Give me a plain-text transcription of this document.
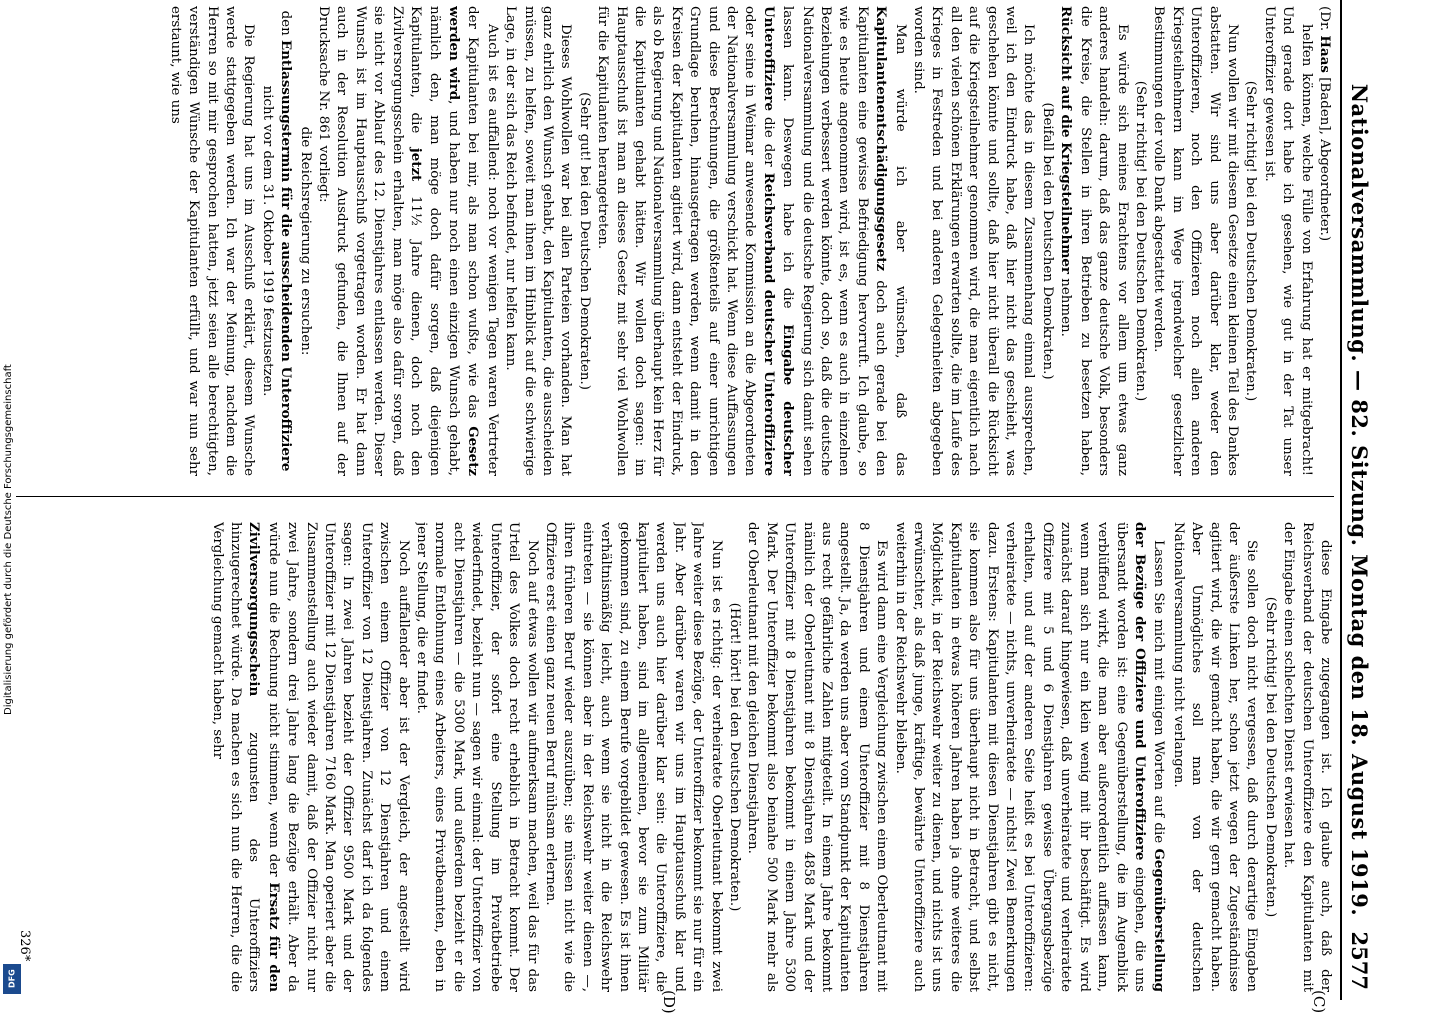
Nationalversammlung. — 82. Sitzung. Montag den 18. August 1919.
2577

(Dr. Haas [Baden], Abgeordneter.)

helfen können, welche Fülle von Erfahrung hat er mitgebracht! Und gerade dort habe ich gesehen, wie gut in der Tat unser Unteroffizier gewesen ist.

(Sehr richtig! bei den Deutschen Demokraten.)

Nun wollen wir mit diesem Gesetze einen kleinen Teil des Dankes abstatten. Wir sind uns aber darüber klar, weder den Unteroffizieren, noch den Offizieren noch allen anderen Kriegsteilnehmern kann im Wege irgendwelcher gesetzlicher Bestimmungen der volle Dank abgestattet werden.

(Sehr richtig! bei den Deutschen Demokraten.)

Es würde sich meines Erachtens vor allem um etwas ganz anderes handeln: darum, daß das ganze deutsche Volk, besonders die Kreise, die Stellen in ihren Betrieben zu besetzen haben, Rücksicht auf die Kriegsteilnehmer nehmen.

(Beifall bei den Deutschen Demokraten.)

Ich möchte das in diesem Zusammenhang einmal aussprechen, weil ich den Eindruck habe, daß hier nicht das geschieht, was geschehen könnte und sollte, daß hier nicht überall die Rücksicht auf die Kriegsteilnehmer genommen wird, die man eigentlich nach all den vielen schönen Erklärungen erwarten sollte, die im Laufe des Krieges in Festreden und bei anderen Gelegenheiten abgegeben worden sind.

Man würde ich aber wünschen, daß das Kapitulantenentschädigungsgesetz doch auch gerade bei den Kapitulanten eine gewisse Befriedigung hervorruft. Ich glaube, so wie es heute angenommen wird, ist es, wenn es auch in einzelnen Beziehungen verbessert werden könnte, doch so, daß die deutsche Nationalversammlung und die deutsche Regierung sich damit sehen lassen kann. Deswegen habe ich die Eingabe deutscher Unteroffiziere die der Reichsverband deutscher Unteroffiziere oder seine in Weimar anwesende Kommission an die Abgeordneten der Nationalversammlung verschickt hat. Wenn diese Auffassungen und diese Berechnungen, die größtenteils auf einer unrichtigen Grundlage beruhen, hinausgetragen werden, wenn damit in den Kreisen der Kapitulanten agitiert wird, dann entsteht der Eindruck, als ob Regierung und Nationalversammlung überhaupt kein Herz für die Kapitulanten gehabt hätten. Wir wollen doch sagen: im Hauptausschuß ist man an dieses Gesetz mit sehr viel Wohlwollen für die Kapitulanten herangetreten.

(Sehr gut! bei den Deutschen Demokraten.)

Dieses Wohlwollen war bei allen Parteien vorhanden. Man hat ganz ehrlich den Wunsch gehabt, den Kapitulanten, die ausscheiden müssen, zu helfen, soweit man ihnen im Hinblick auf die schwierige Lage, in der sich das Reich befindet, nur helfen kann.

Auch ist es auffallend: noch vor wenigen Tagen waren Vertreter der Kapitulanten bei mir, als man schon wußte, wie das Gesetz werden wird, und haben nur noch einen einzigen Wunsch gehabt, nämlich den, man möge doch dafür sorgen, daß diejenigen Kapitulanten, die jetzt 11½ Jahre dienen, doch noch den Zivilversorgungsschein erhalten, man möge also dafür sorgen, daß sie nicht vor Ablauf des 12. Dienstjahres entlassen werden. Dieser Wunsch ist im Hauptausschuß vorgetragen worden. Er hat dann auch in der Resolution Ausdruck gefunden, die Ihnen auf der Drucksache Nr. 861 vorliegt:

die Reichsregierung zu ersuchen:
den Entlassungstermin für die ausscheidenden Unteroffiziere nicht vor dem 31. Oktober 1919 festzusetzen.

Die Regierung hat uns im Ausschuß erklärt, diesem Wunsche werde stattgegeben werden. Ich war der Meinung, nachdem die Herren so mit mir gesprochen hatten, jetzt seien alle berechtigten, verständigen Wünsche der Kapitulanten erfüllt, und war nun sehr erstaunt, wie uns

diese Eingabe zugegangen ist. Ich glaube auch, daß der Reichsverband der deutschen Unteroffiziere den Kapitulanten mit der Eingabe einen schlechten Dienst erwiesen hat.

(Sehr richtig! bei den Deutschen Demokraten.)

Sie sollen doch nicht vergessen, daß durch derartige Eingaben der äußerste Linken her, schon jetzt wegen der Zugeständnisse agitiert wird, die wir gemacht haben, die wir gern gemacht haben. Aber Unmögliches soll man von der deutschen Nationalversammlung nicht verlangen.

Lassen Sie mich mit einigen Worten auf die Gegenüberstellung der Bezüge der Offiziere und Unteroffiziere eingehen, die uns übersandt worden ist: eine Gegenüberstellung, die im Augenblick verblüffend wirkt, die man aber außerordentlich auffassen kann, wenn man sich nur ein klein wenig mit ihr beschäftigt. Es wird zunächst darauf hingewiesen, daß unverheiratete und verheiratete Offiziere mit 5 und 6 Dienstjahren gewisse Übergangsbezüge erhalten, und auf der anderen Seite heißt es bei Unteroffizieren: verheiratete — nichts, unverheiratete — nichts! Zwei Bemerkungen dazu. Erstens: Kapitulanten mit diesen Dienstjahren gibt es nicht, sie kommen also für uns überhaupt nicht in Betracht, und selbst Kapitulanten in etwas höheren Jahren haben ja ohne weiteres die Möglichkeit, in der Reichswehr weiter zu dienen, und nichts ist uns erwünschter, als daß junge, kräftige, bewährte Unteroffiziere auch weiterhin in der Reichswehr bleiben.

Es wird dann eine Vergleichung zwischen einem Oberleutnant mit 8 Dienstjahren und einem Unteroffizier mit 8 Dienstjahren angestellt. Ja, da werden uns aber vom Standpunkt der Kapitulanten aus recht gefährliche Zahlen mitgeteilt. In einem Jahre bekommt nämlich der Oberleutnant mit 8 Dienstjahren 4858 Mark und der Unteroffizier mit 8 Dienstjahren bekommt in einem Jahre 5300 Mark. Der Unteroffizier bekommt also beinahe 500 Mark mehr als der Oberleutnant mit den gleichen Dienstjahren.

(Hört! hört! bei den Deutschen Demokraten.)

Nun ist es richtig: der verheiratete Oberleutnant bekommt zwei Jahre weiter diese Bezüge, der Unteroffizier bekommt sie nur für ein Jahr. Aber darüber waren wir uns im Hauptausschuß klar und werden uns auch hier darüber klar sein: die Unteroffiziere, die kapituliert haben, sind im allgemeinen, bevor sie zum Militär gekommen sind, zu einem Berufe vorgebildet gewesen. Es ist ihnen verhältnismäßig leicht, auch wenn sie nicht in die Reichswehr eintreten — sie können aber in der Reichswehr weiter dienen —, ihren früheren Beruf wieder auszuüben; sie müssen nicht wie die Offiziere erst einen ganz neuen Beruf mühsam erlernen.

Noch auf etwas wollen wir aufmerksam machen, weil das für das Urteil des Volkes doch recht erheblich in Betracht kommt. Der Unteroffizier, der sofort eine Stellung im Privatbetriebe wiederfindet, bezieht nun — sagen wir einmal: der Unteroffizier von acht Dienstjahren — die 5300 Mark, und außerdem bezieht er die normale Entlohnung eines Arbeiters, eines Privatbeamten, eben in jener Stellung, die er findet.

Noch auffallender aber ist der Vergleich, der angestellt wird zwischen einem Offizier von 12 Dienstjahren und einem Unteroffizier von 12 Dienstjahren. Zunächst darf ich da folgendes sagen: In zwei Jahren bezieht der Offizier 9500 Mark und der Unteroffizier mit 12 Dienstjahren 7160 Mark. Man operiert aber die Zusammenstellung auch wieder damit, daß der Offizier nicht nur zwei Jahre, sondern drei Jahre lang die Bezüge erhält. Aber da würde nun die Rechnung nicht stimmen, wenn der Ersatz für den Zivilversorgungsschein zugunsten des Unteroffiziers hinzugerechnet würde. Da machen es sich nun die Herren, die die Vergleichung gemacht haben, sehr

(C)
(D)
326*
Digitalisierung gefördert durch die Deutsche Forschungsgemeinschaft
DFG
